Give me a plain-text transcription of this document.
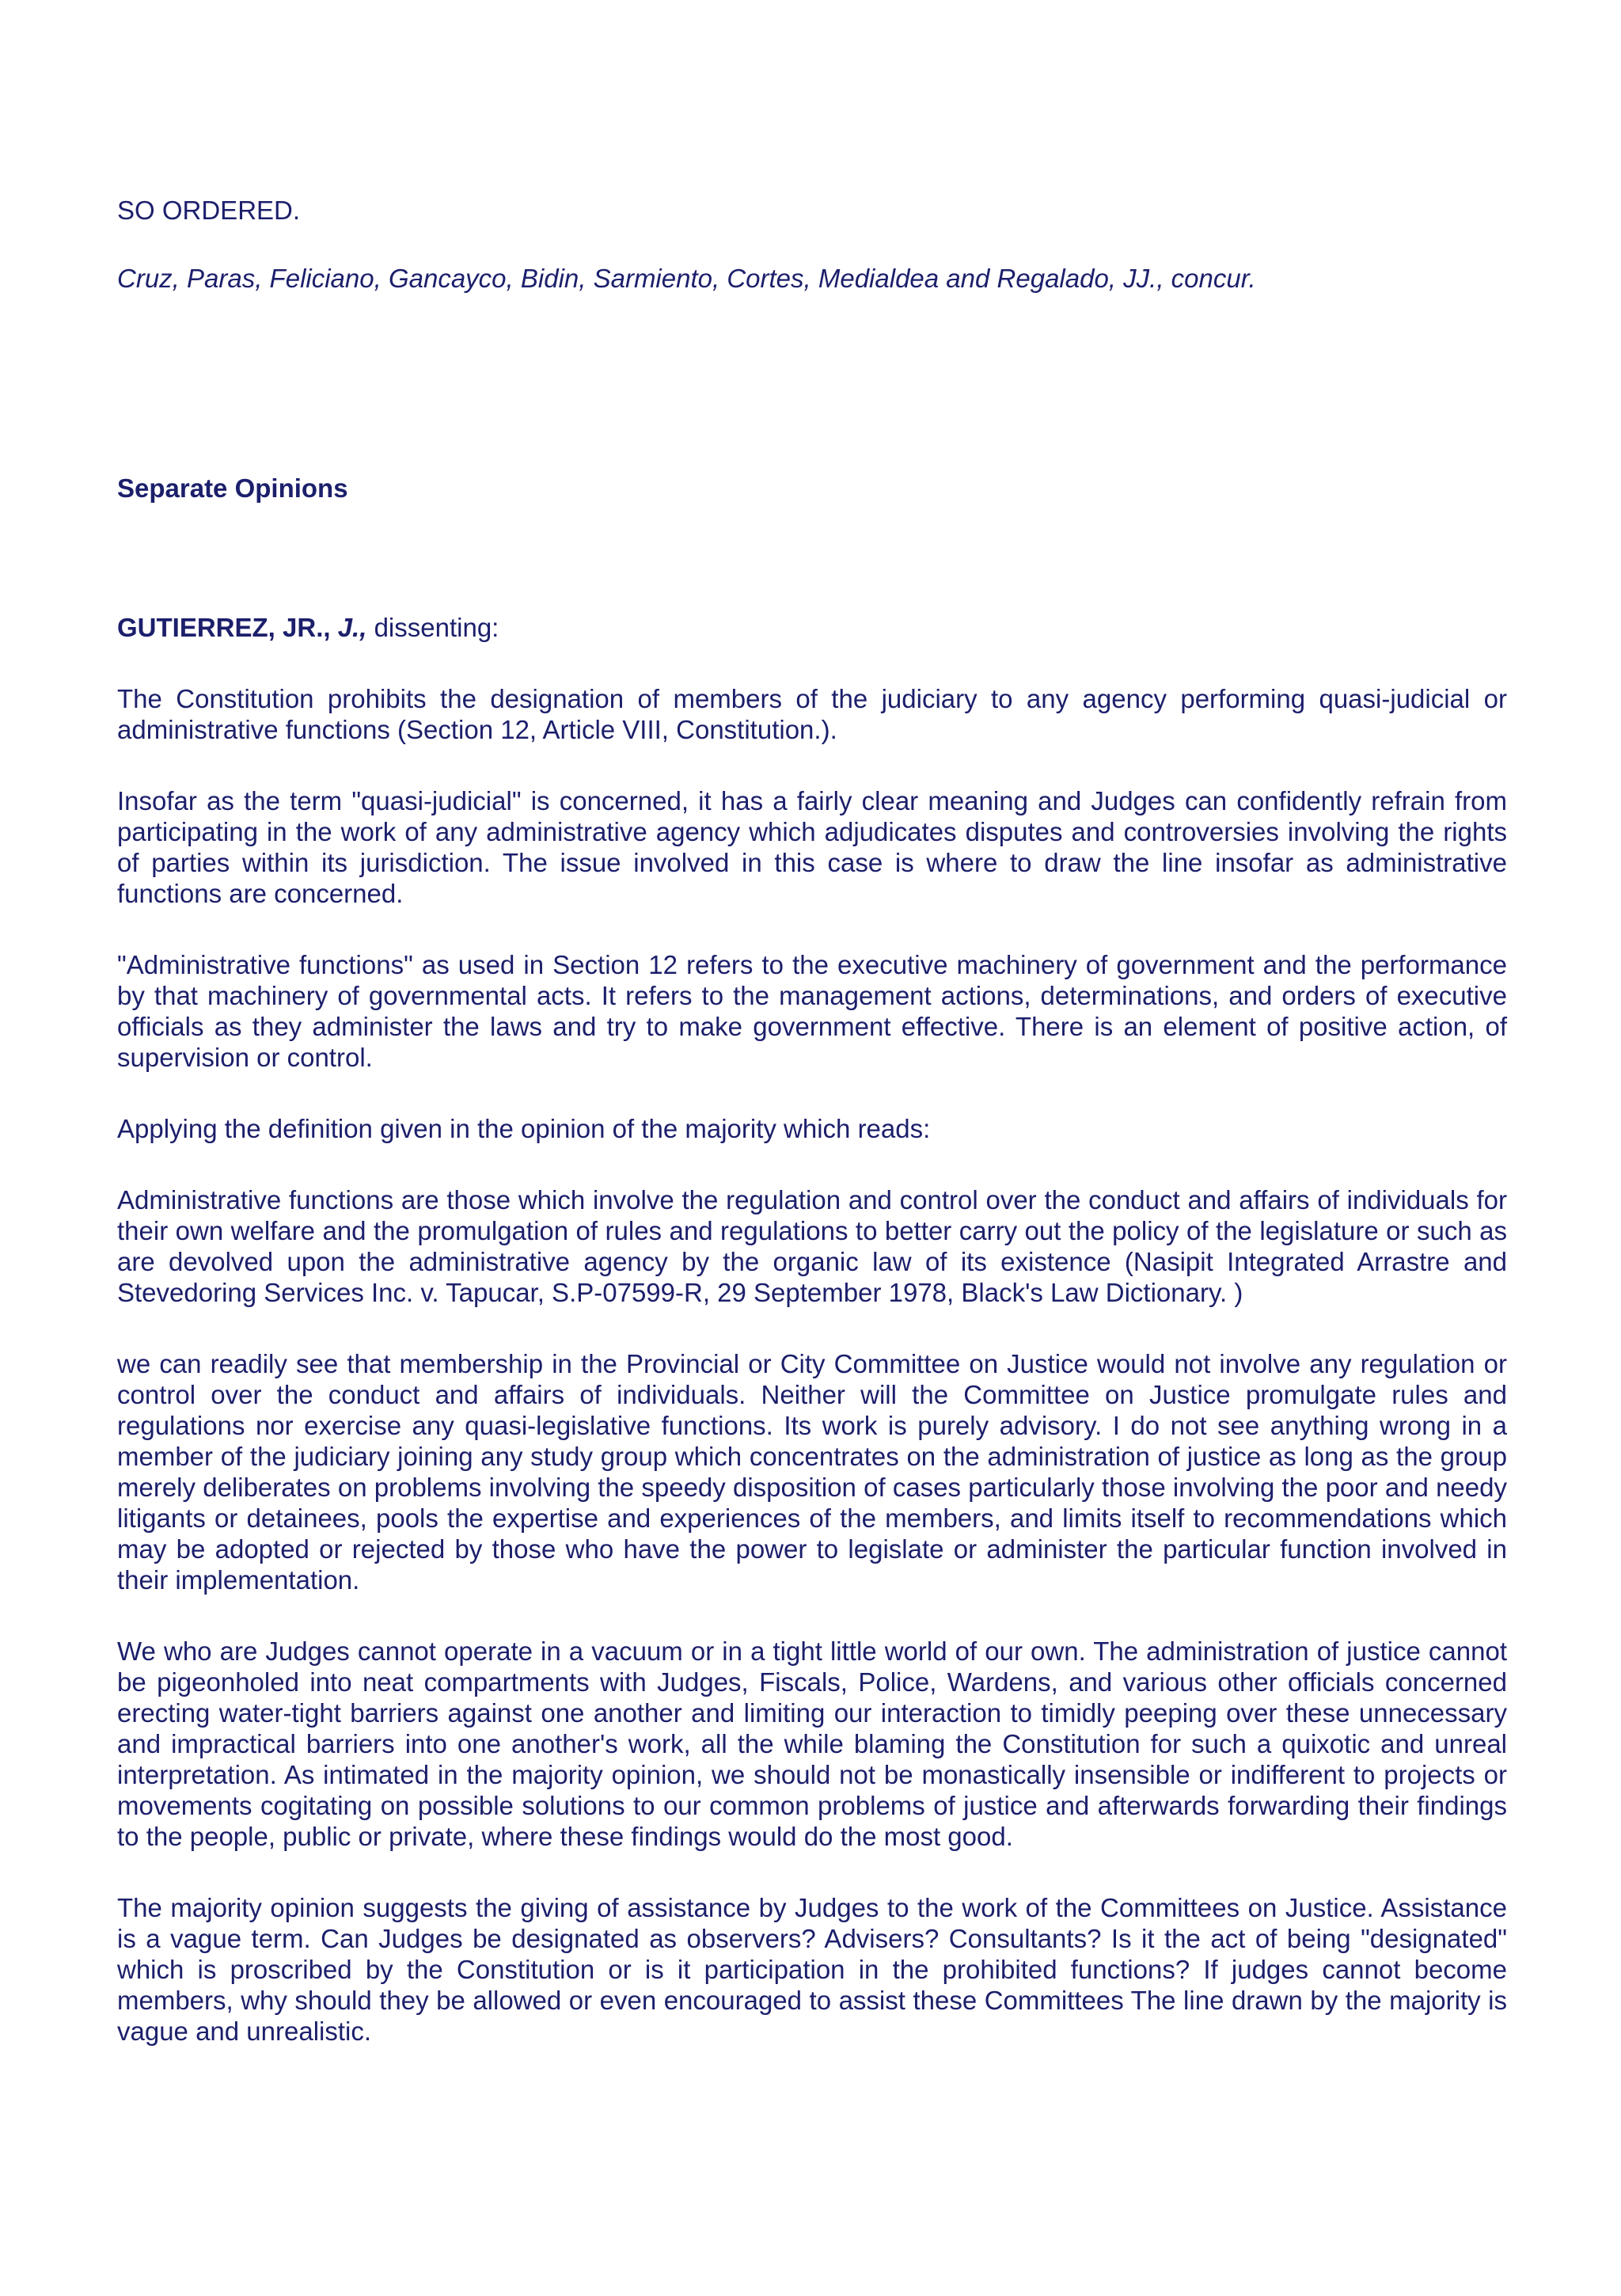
SO ORDERED.

Cruz, Paras, Feliciano, Gancayco, Bidin, Sarmiento, Cortes, Medialdea and Regalado, JJ., concur.

Separate Opinions

GUTIERREZ, JR., J., dissenting:

The Constitution prohibits the designation of members of the judiciary to any agency performing quasi-judicial or administrative functions (Section 12, Article VIII, Constitution.).

Insofar as the term "quasi-judicial" is concerned, it has a fairly clear meaning and Judges can confidently refrain from participating in the work of any administrative agency which adjudicates disputes and controversies involving the rights of parties within its jurisdiction. The issue involved in this case is where to draw the line insofar as administrative functions are concerned.

"Administrative functions" as used in Section 12 refers to the executive machinery of government and the performance by that machinery of governmental acts. It refers to the management actions, determinations, and orders of executive officials as they administer the laws and try to make government effective. There is an element of positive action, of supervision or control.

Applying the definition given in the opinion of the majority which reads:

Administrative functions are those which involve the regulation and control over the conduct and affairs of individuals for their own welfare and the promulgation of rules and regulations to better carry out the policy of the legislature or such as are devolved upon the administrative agency by the organic law of its existence (Nasipit Integrated Arrastre and Stevedoring Services Inc. v. Tapucar, S.P-07599-R, 29 September 1978, Black's Law Dictionary. )

we can readily see that membership in the Provincial or City Committee on Justice would not involve any regulation or control over the conduct and affairs of individuals. Neither will the Committee on Justice promulgate rules and regulations nor exercise any quasi-legislative functions. Its work is purely advisory. I do not see anything wrong in a member of the judiciary joining any study group which concentrates on the administration of justice as long as the group merely deliberates on problems involving the speedy disposition of cases particularly those involving the poor and needy litigants or detainees, pools the expertise and experiences of the members, and limits itself to recommendations which may be adopted or rejected by those who have the power to legislate or administer the particular function involved in their implementation.

We who are Judges cannot operate in a vacuum or in a tight little world of our own. The administration of justice cannot be pigeonholed into neat compartments with Judges, Fiscals, Police, Wardens, and various other officials concerned erecting water-tight barriers against one another and limiting our interaction to timidly peeping over these unnecessary and impractical barriers into one another's work, all the while blaming the Constitution for such a quixotic and unreal interpretation. As intimated in the majority opinion, we should not be monastically insensible or indifferent to projects or movements cogitating on possible solutions to our common problems of justice and afterwards forwarding their findings to the people, public or private, where these findings would do the most good.

The majority opinion suggests the giving of assistance by Judges to the work of the Committees on Justice. Assistance is a vague term. Can Judges be designated as observers? Advisers? Consultants? Is it the act of being "designated" which is proscribed by the Constitution or is it participation in the prohibited functions? If judges cannot become members, why should they be allowed or even encouraged to assist these Committees The line drawn by the majority is vague and unrealistic.
